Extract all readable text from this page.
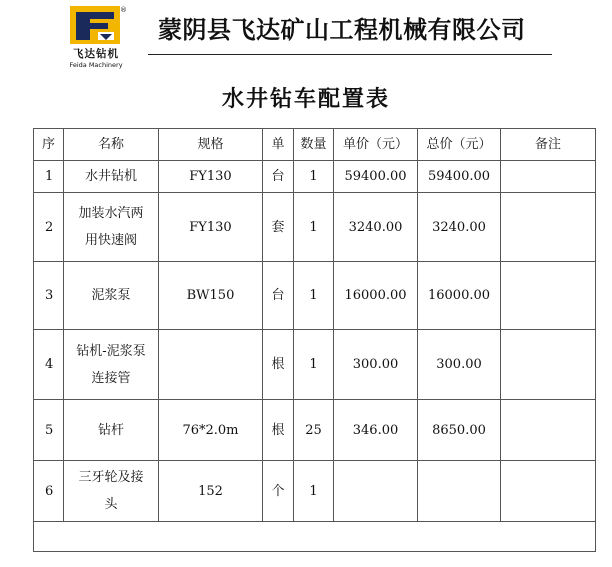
®
飞达钻机
Feida Machinery
蒙阴县飞达矿山工程机械有限公司
水井钻车配置表
序	名称	规格	单	数量	单价（元）	总价（元）	备注
1	水井钻机	FY130	台	1	59400.00	59400.00	
2	加装水汽两
用快速阀	FY130	套	1	3240.00	3240.00	
3	泥浆泵	BW150	台	1	16000.00	16000.00	
4	钻机-泥浆泵
连接管		根	1	300.00	300.00	
5	钻杆	76*2.0m	根	25	346.00	8650.00	
6	三牙轮及接
头	152	个	1			
